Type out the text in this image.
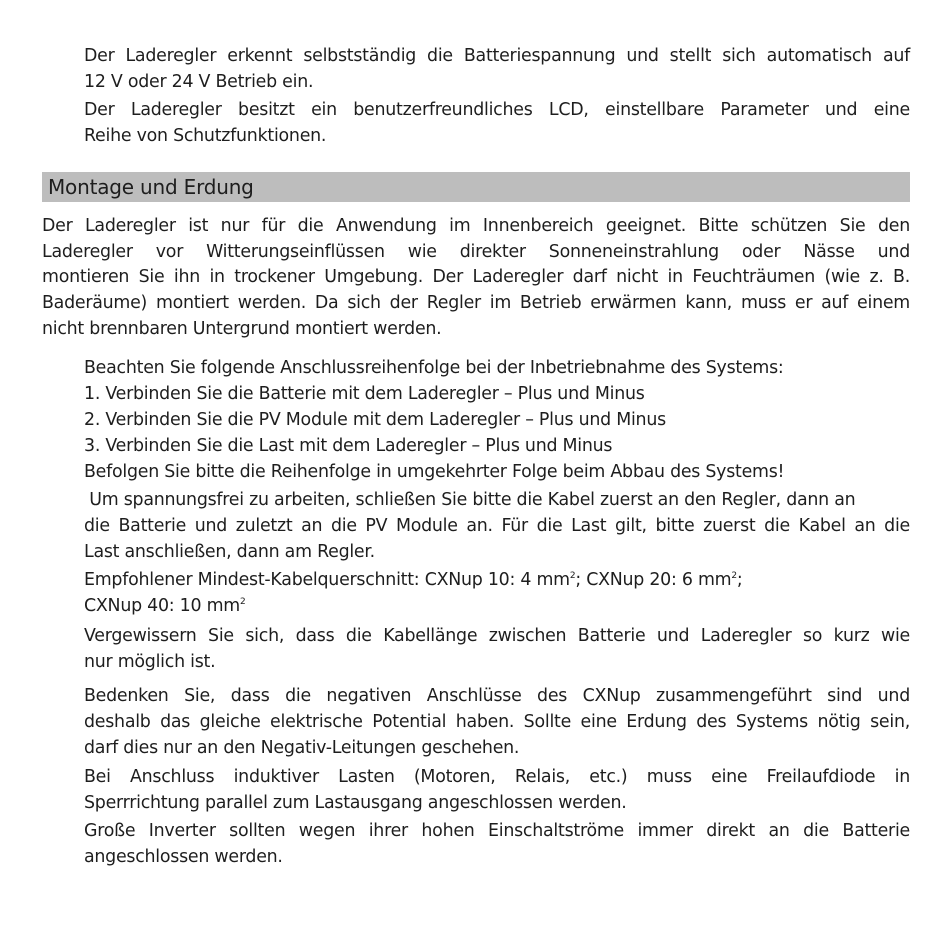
Der Laderegler erkennt selbstständig die Batteriespannung und stellt sich automatisch auf
12 V oder 24 V Betrieb ein.
Der Laderegler besitzt ein benutzerfreundliches LCD, einstellbare Parameter und eine
Reihe von Schutzfunktionen.
Montage und Erdung
Der Laderegler ist nur für die Anwendung im Innenbereich geeignet. Bitte schützen Sie den
Laderegler vor Witterungseinflüssen wie direkter Sonneneinstrahlung oder Nässe und
montieren Sie ihn in trockener Umgebung. Der Laderegler darf nicht in Feuchträumen (wie z. B.
Baderäume) montiert werden. Da sich der Regler im Betrieb erwärmen kann, muss er auf einem
nicht brennbaren Untergrund montiert werden.
Beachten Sie folgende Anschlussreihenfolge bei der Inbetriebnahme des Systems:
1. Verbinden Sie die Batterie mit dem Laderegler – Plus und Minus
2. Verbinden Sie die PV Module mit dem Laderegler – Plus und Minus
3. Verbinden Sie die Last mit dem Laderegler – Plus und Minus
Befolgen Sie bitte die Reihenfolge in umgekehrter Folge beim Abbau des Systems!
Um spannungsfrei zu arbeiten, schließen Sie bitte die Kabel zuerst an den Regler, dann an
die Batterie und zuletzt an die PV Module an. Für die Last gilt, bitte zuerst die Kabel an die
Last anschließen, dann am Regler.
Empfohlener Mindest-Kabelquerschnitt: CXNup 10: 4 $mm^2$; CXNup 20: 6 $mm^2$;
CXNup 40: 10 $mm^2$
Vergewissern Sie sich, dass die Kabellänge zwischen Batterie und Laderegler so kurz wie
nur möglich ist.
Bedenken Sie, dass die negativen Anschlüsse des CXNup zusammengeführt sind und
deshalb das gleiche elektrische Potential haben. Sollte eine Erdung des Systems nötig sein,
darf dies nur an den Negativ-Leitungen geschehen.
Bei Anschluss induktiver Lasten (Motoren, Relais, etc.) muss eine Freilaufdiode in
Sperrrichtung parallel zum Lastausgang angeschlossen werden.
Große Inverter sollten wegen ihrer hohen Einschaltströme immer direkt an die Batterie
angeschlossen werden.
